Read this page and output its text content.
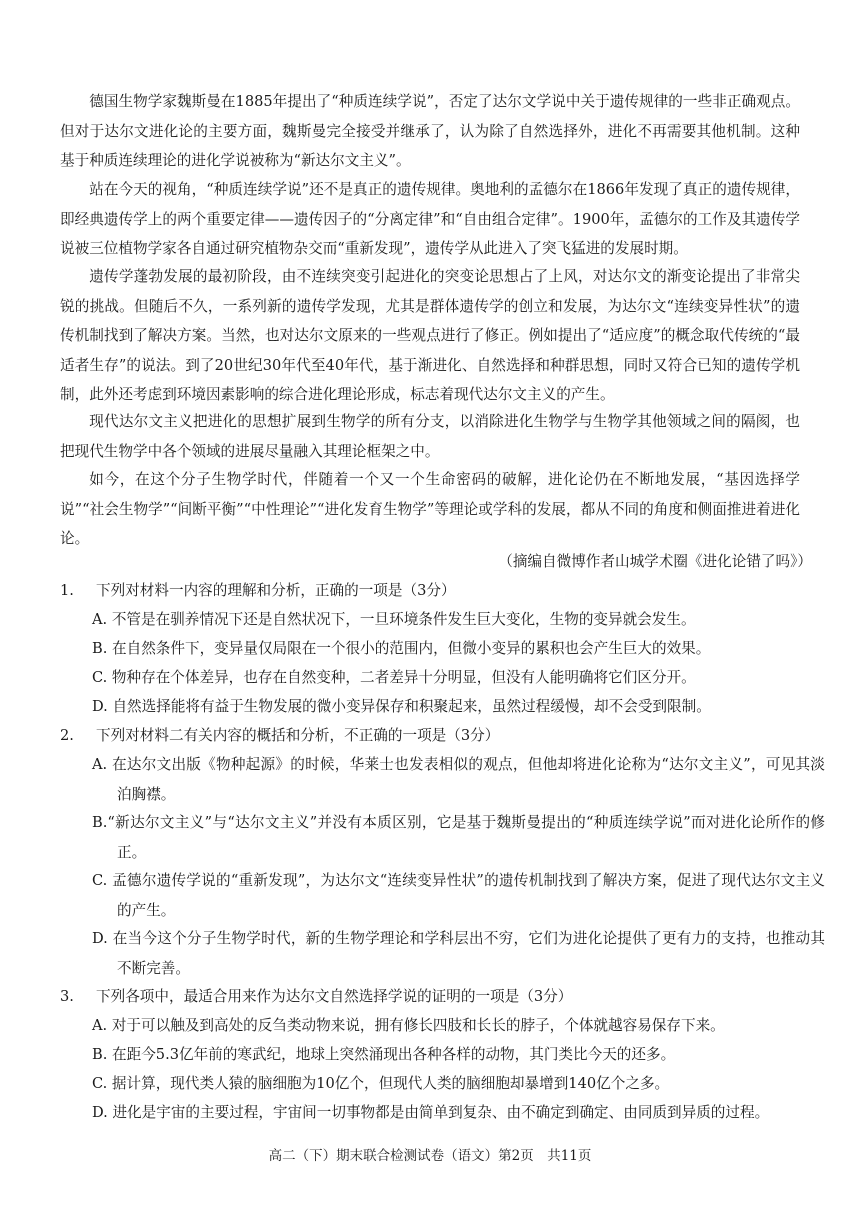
德国生物学家魏斯曼在1885年提出了“种质连续学说”，否定了达尔文学说中关于遗传规律的一些非正确观点。但对于达尔文进化论的主要方面，魏斯曼完全接受并继承了，认为除了自然选择外，进化不再需要其他机制。这种基于种质连续理论的进化学说被称为“新达尔文主义”。

站在今天的视角，“种质连续学说”还不是真正的遗传规律。奥地利的孟德尔在1866年发现了真正的遗传规律，即经典遗传学上的两个重要定律——遗传因子的“分离定律”和“自由组合定律”。1900年，孟德尔的工作及其遗传学说被三位植物学家各自通过研究植物杂交而“重新发现”，遗传学从此进入了突飞猛进的发展时期。

遗传学蓬勃发展的最初阶段，由不连续突变引起进化的突变论思想占了上风，对达尔文的渐变论提出了非常尖锐的挑战。但随后不久，一系列新的遗传学发现，尤其是群体遗传学的创立和发展，为达尔文“连续变异性状”的遗传机制找到了解决方案。当然，也对达尔文原来的一些观点进行了修正。例如提出了“适应度”的概念取代传统的“最适者生存”的说法。到了20世纪30年代至40年代，基于渐进化、自然选择和种群思想，同时又符合已知的遗传学机制，此外还考虑到环境因素影响的综合进化理论形成，标志着现代达尔文主义的产生。

现代达尔文主义把进化的思想扩展到生物学的所有分支，以消除进化生物学与生物学其他领域之间的隔阂，也把现代生物学中各个领域的进展尽量融入其理论框架之中。

如今，在这个分子生物学时代，伴随着一个又一个生命密码的破解，进化论仍在不断地发展，“基因选择学说”“社会生物学”“间断平衡”“中性理论”“进化发育生物学”等理论或学科的发展，都从不同的角度和侧面推进着进化论。

（摘编自微博作者山城学术圈《进化论错了吗》）

1. 下列对材料一内容的理解和分析，正确的一项是（3分）

A. 不管是在驯养情况下还是自然状况下，一旦环境条件发生巨大变化，生物的变异就会发生。

B. 在自然条件下，变异量仅局限在一个很小的范围内，但微小变异的累积也会产生巨大的效果。

C. 物种存在个体差异，也存在自然变种，二者差异十分明显，但没有人能明确将它们区分开。

D. 自然选择能将有益于生物发展的微小变异保存和积聚起来，虽然过程缓慢，却不会受到限制。

2. 下列对材料二有关内容的概括和分析，不正确的一项是（3分）

A. 在达尔文出版《物种起源》的时候，华莱士也发表相似的观点，但他却将进化论称为“达尔文主义”，可见其淡泊胸襟。

B.“新达尔文主义”与“达尔文主义”并没有本质区别，它是基于魏斯曼提出的“种质连续学说”而对进化论所作的修正。

C. 孟德尔遗传学说的“重新发现”，为达尔文“连续变异性状”的遗传机制找到了解决方案，促进了现代达尔文主义的产生。

D. 在当今这个分子生物学时代，新的生物学理论和学科层出不穷，它们为进化论提供了更有力的支持，也推动其不断完善。

3. 下列各项中，最适合用来作为达尔文自然选择学说的证明的一项是（3分）

A. 对于可以触及到高处的反刍类动物来说，拥有修长四肢和长长的脖子，个体就越容易保存下来。

B. 在距今5.3亿年前的寒武纪，地球上突然涌现出各种各样的动物，其门类比今天的还多。

C. 据计算，现代类人猿的脑细胞为10亿个，但现代人类的脑细胞却暴增到140亿个之多。

D. 进化是宇宙的主要过程，宇宙间一切事物都是由简单到复杂、由不确定到确定、由同质到异质的过程。

高二（下）期末联合检测试卷（语文）第2页　共11页
